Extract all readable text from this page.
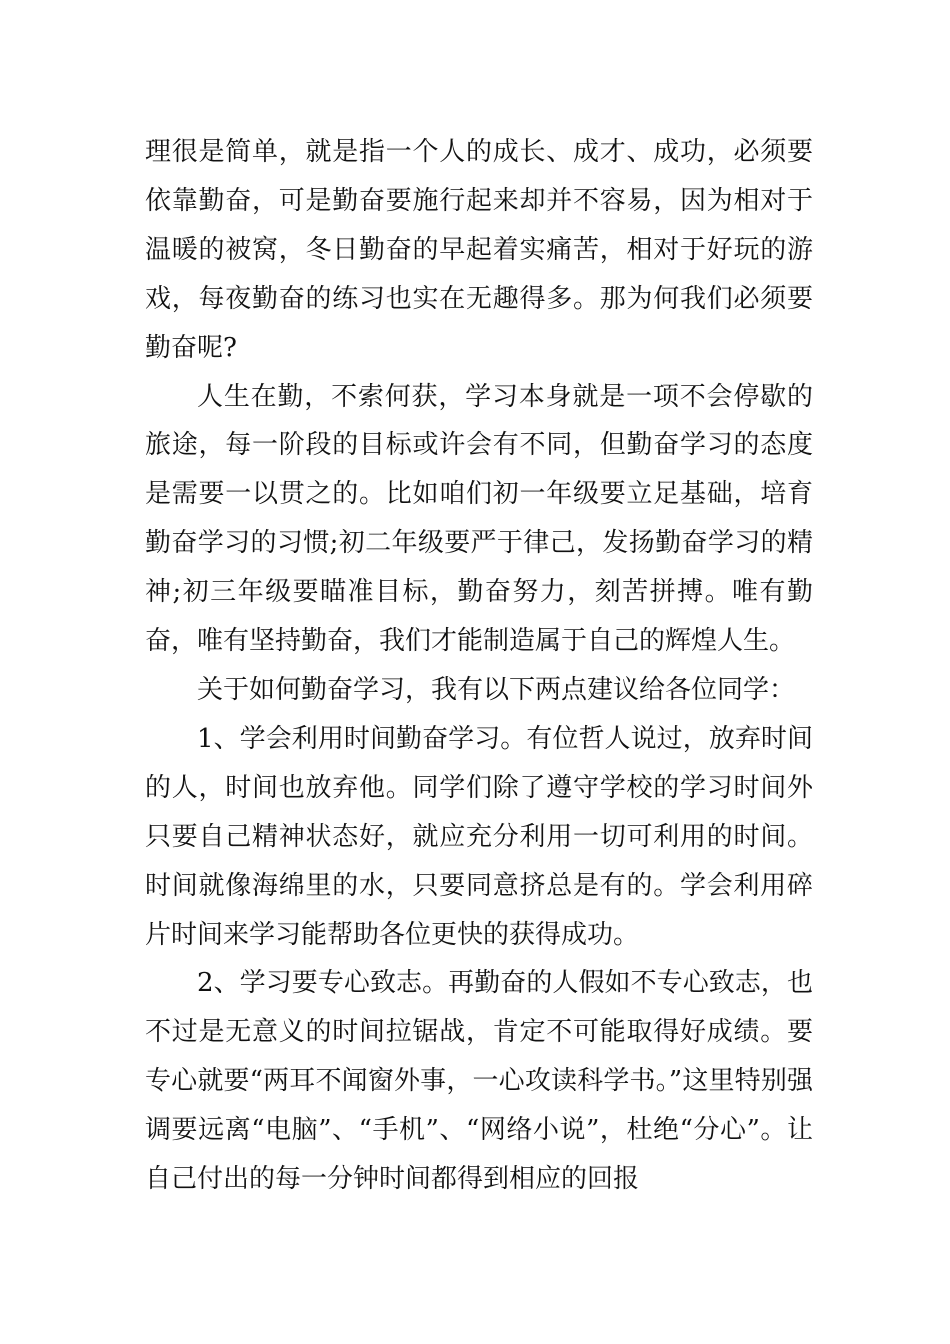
理很是简单，就是指一个人的成长、成才、成功，必须要依靠勤奋，可是勤奋要施行起来却并不容易，因为相对于温暖的被窝，冬日勤奋的早起着实痛苦，相对于好玩的游戏，每夜勤奋的练习也实在无趣得多。那为何我们必须要勤奋呢?

人生在勤，不索何获，学习本身就是一项不会停歇的旅途，每一阶段的目标或许会有不同，但勤奋学习的态度是需要一以贯之的。比如咱们初一年级要立足基础，培育勤奋学习的习惯;初二年级要严于律己，发扬勤奋学习的精神;初三年级要瞄准目标，勤奋努力，刻苦拼搏。唯有勤奋，唯有坚持勤奋，我们才能制造属于自己的辉煌人生。

关于如何勤奋学习，我有以下两点建议给各位同学：

1、学会利用时间勤奋学习。有位哲人说过，放弃时间的人，时间也放弃他。同学们除了遵守学校的学习时间外只要自己精神状态好，就应充分利用一切可利用的时间。时间就像海绵里的水，只要同意挤总是有的。学会利用碎片时间来学习能帮助各位更快的获得成功。

2、学习要专心致志。再勤奋的人假如不专心致志，也不过是无意义的时间拉锯战，肯定不可能取得好成绩。要专心就要“两耳不闻窗外事，一心攻读科学书。”这里特别强调要远离“电脑”、“手机”、“网络小说”，杜绝“分心”。让自己付出的每一分钟时间都得到相应的回报
